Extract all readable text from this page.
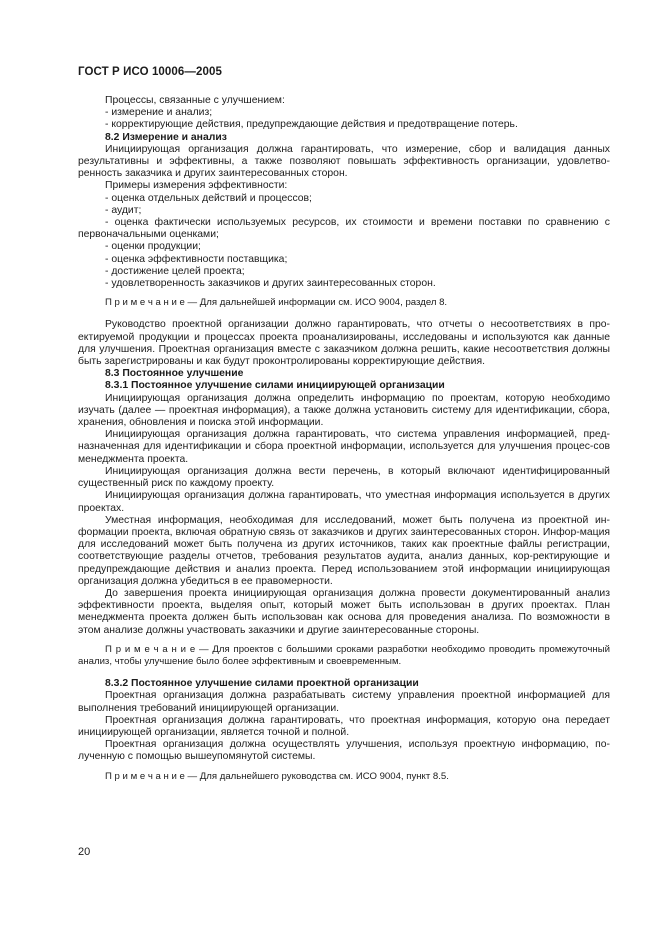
ГОСТ Р ИСО 10006—2005

Процессы, связанные с улучшением:

- измерение и анализ;

- корректирующие действия, предупреждающие действия и предотвращение потерь.

8.2 Измерение и анализ

Инициирующая организация должна гарантировать, что измерение, сбор и валидация данных результативны и эффективны, а также позволяют повышать эффективность организации, удовлетво-ренность заказчика и других заинтересованных сторон.

Примеры измерения эффективности:

- оценка отдельных действий и процессов;

- аудит;

- оценка фактически используемых ресурсов, их стоимости и времени поставки по сравнению с первоначальными оценками;

- оценки продукции;

- оценка эффективности поставщика;

- достижение целей проекта;

- удовлетворенность заказчиков и других заинтересованных сторон.

П р и м е ч а н и е — Для дальнейшей информации см. ИСО 9004, раздел 8.

Руководство проектной организации должно гарантировать, что отчеты о несоответствиях в про-ектируемой продукции и процессах проекта проанализированы, исследованы и используются как данные для улучшения. Проектная организация вместе с заказчиком должна решить, какие несоответствия должны быть зарегистрированы и как будут проконтролированы корректирующие действия.

8.3 Постоянное улучшение

8.3.1 Постоянное улучшение силами инициирующей организации

Инициирующая организация должна определить информацию по проектам, которую необходимо изучать (далее — проектная информация), а также должна установить систему для идентификации, сбора, хранения, обновления и поиска этой информации.

Инициирующая организация должна гарантировать, что система управления информацией, пред-назначенная для идентификации и сбора проектной информации, используется для улучшения процес-сов менеджмента проекта.

Инициирующая организация должна вести перечень, в который включают идентифицированный существенный риск по каждому проекту.

Инициирующая организация должна гарантировать, что уместная информация используется в других проектах.

Уместная информация, необходимая для исследований, может быть получена из проектной ин-формации проекта, включая обратную связь от заказчиков и других заинтересованных сторон. Инфор-мация для исследований может быть получена из других источников, таких как проектные файлы регистрации, соответствующие разделы отчетов, требования результатов аудита, анализ данных, кор-ректирующие и предупреждающие действия и анализ проекта. Перед использованием этой информации инициирующая организация должна убедиться в ее правомерности.

До завершения проекта инициирующая организация должна провести документированный анализ эффективности проекта, выделяя опыт, который может быть использован в других проектах. План менеджмента проекта должен быть использован как основа для проведения анализа. По возможности в этом анализе должны участвовать заказчики и другие заинтересованные стороны.

П р и м е ч а н и е — Для проектов с большими сроками разработки необходимо проводить промежуточный анализ, чтобы улучшение было более эффективным и своевременным.

8.3.2 Постоянное улучшение силами проектной организации

Проектная организация должна разрабатывать систему управления проектной информацией для выполнения требований инициирующей организации.

Проектная организация должна гарантировать, что проектная информация, которую она передает инициирующей организации, является точной и полной.

Проектная организация должна осуществлять улучшения, используя проектную информацию, по-лученную с помощью вышеупомянутой системы.

П р и м е ч а н и е — Для дальнейшего руководства см. ИСО 9004, пункт 8.5.

20
